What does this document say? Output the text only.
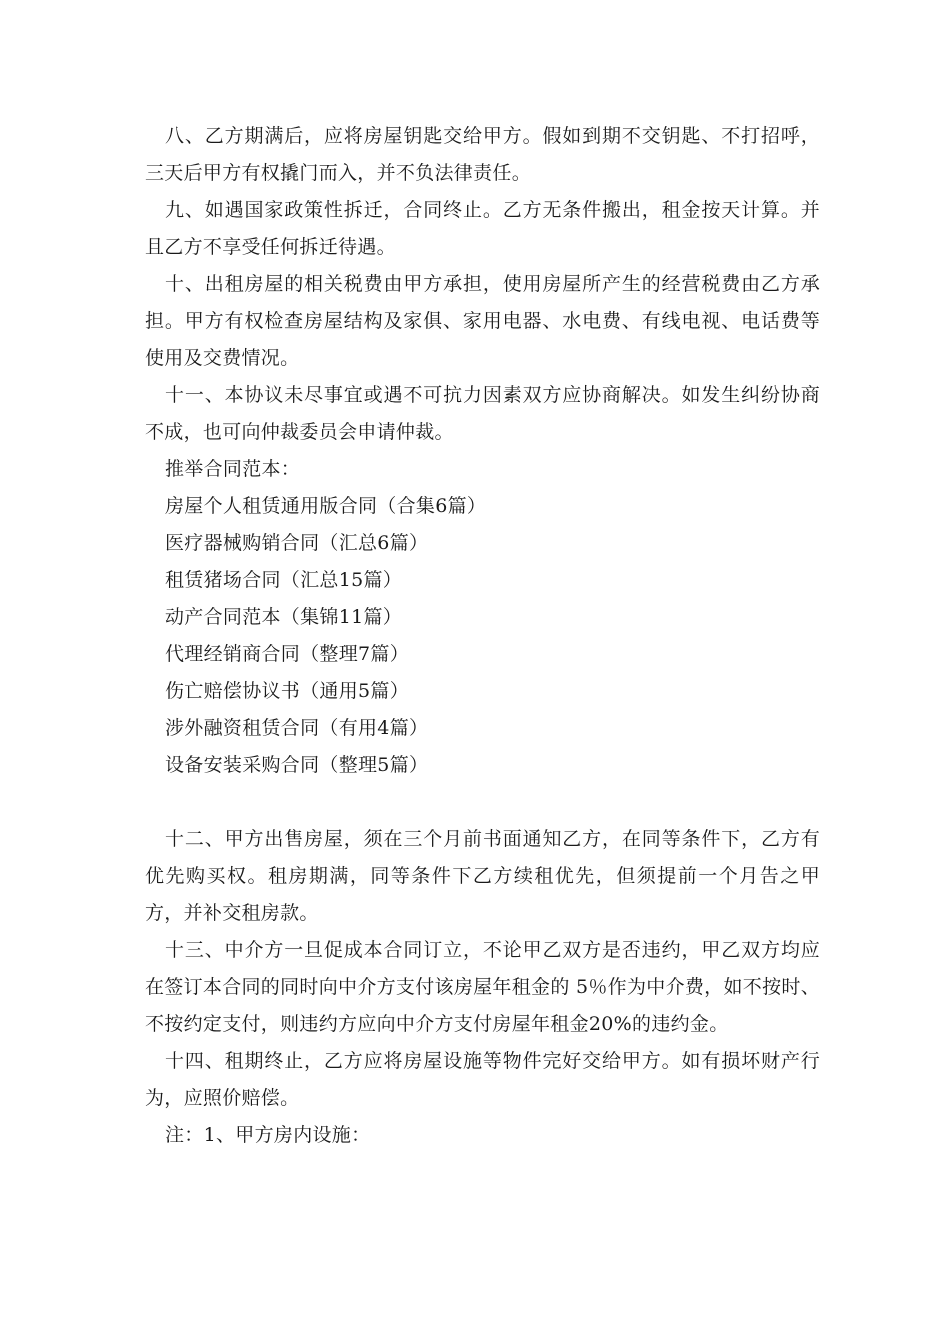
八、乙方期满后，应将房屋钥匙交给甲方。假如到期不交钥匙、不打招呼，三天后甲方有权撬门而入，并不负法律责任。

九、如遇国家政策性拆迁，合同终止。乙方无条件搬出，租金按天计算。并且乙方不享受任何拆迁待遇。

十、出租房屋的相关税费由甲方承担，使用房屋所产生的经营税费由乙方承担。甲方有权检查房屋结构及家俱、家用电器、水电费、有线电视、电话费等使用及交费情况。

十一、本协议未尽事宜或遇不可抗力因素双方应协商解决。如发生纠纷协商不成，也可向仲裁委员会申请仲裁。

推举合同范本：

房屋个人租赁通用版合同（合集6篇）

医疗器械购销合同（汇总6篇）

租赁猪场合同（汇总15篇）

动产合同范本（集锦11篇）

代理经销商合同（整理7篇）

伤亡赔偿协议书（通用5篇）

涉外融资租赁合同（有用4篇）

设备安装采购合同（整理5篇）

十二、甲方出售房屋，须在三个月前书面通知乙方，在同等条件下，乙方有优先购买权。租房期满，同等条件下乙方续租优先，但须提前一个月告之甲方，并补交租房款。

十三、中介方一旦促成本合同订立，不论甲乙双方是否违约，甲乙双方均应在签订本合同的同时向中介方支付该房屋年租金的 5％作为中介费，如不按时、不按约定支付，则违约方应向中介方支付房屋年租金20%的违约金。

十四、租期终止，乙方应将房屋设施等物件完好交给甲方。如有损坏财产行为，应照价赔偿。

注：1、甲方房内设施：
